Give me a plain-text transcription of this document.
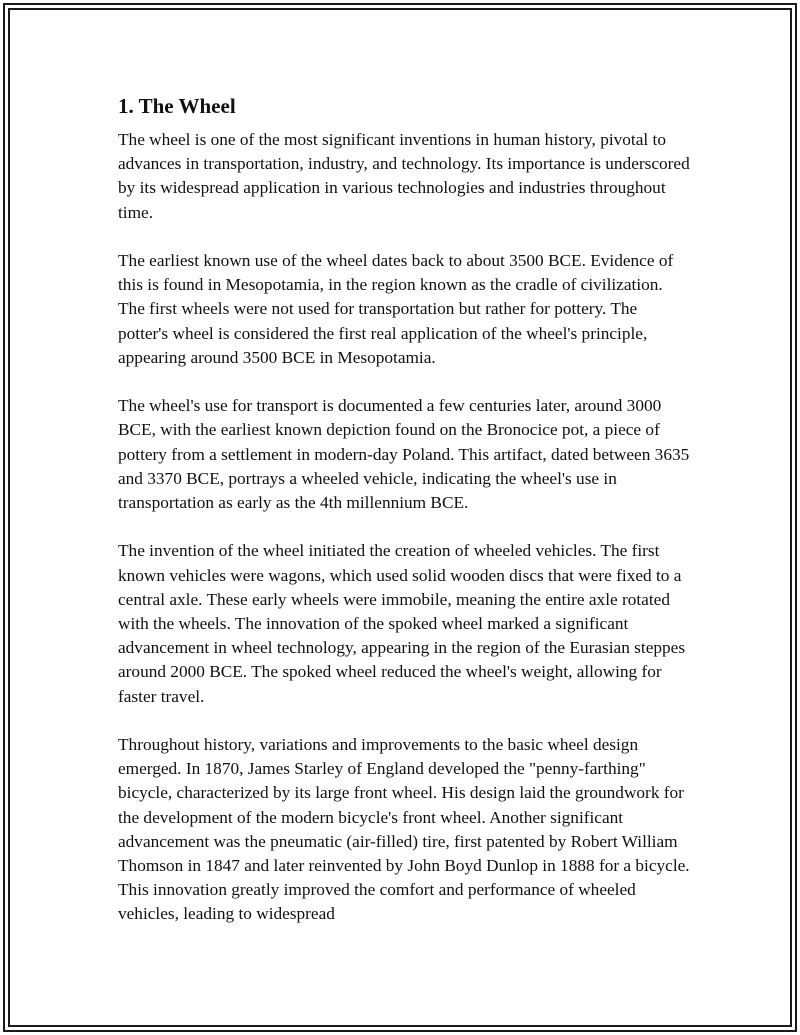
1. The Wheel

The wheel is one of the most significant inventions in human history, pivotal to advances in transportation, industry, and technology. Its importance is underscored by its widespread application in various technologies and industries throughout time.

The earliest known use of the wheel dates back to about 3500 BCE. Evidence of this is found in Mesopotamia, in the region known as the cradle of civilization. The first wheels were not used for transportation but rather for pottery. The potter's wheel is considered the first real application of the wheel's principle, appearing around 3500 BCE in Mesopotamia.

The wheel's use for transport is documented a few centuries later, around 3000 BCE, with the earliest known depiction found on the Bronocice pot, a piece of pottery from a settlement in modern-day Poland. This artifact, dated between 3635 and 3370 BCE, portrays a wheeled vehicle, indicating the wheel's use in transportation as early as the 4th millennium BCE.

The invention of the wheel initiated the creation of wheeled vehicles. The first known vehicles were wagons, which used solid wooden discs that were fixed to a central axle. These early wheels were immobile, meaning the entire axle rotated with the wheels. The innovation of the spoked wheel marked a significant advancement in wheel technology, appearing in the region of the Eurasian steppes around 2000 BCE. The spoked wheel reduced the wheel's weight, allowing for faster travel.

Throughout history, variations and improvements to the basic wheel design emerged. In 1870, James Starley of England developed the "penny-farthing" bicycle, characterized by its large front wheel. His design laid the groundwork for the development of the modern bicycle's front wheel. Another significant advancement was the pneumatic (air-filled) tire, first patented by Robert William Thomson in 1847 and later reinvented by John Boyd Dunlop in 1888 for a bicycle. This innovation greatly improved the comfort and performance of wheeled vehicles, leading to widespread
